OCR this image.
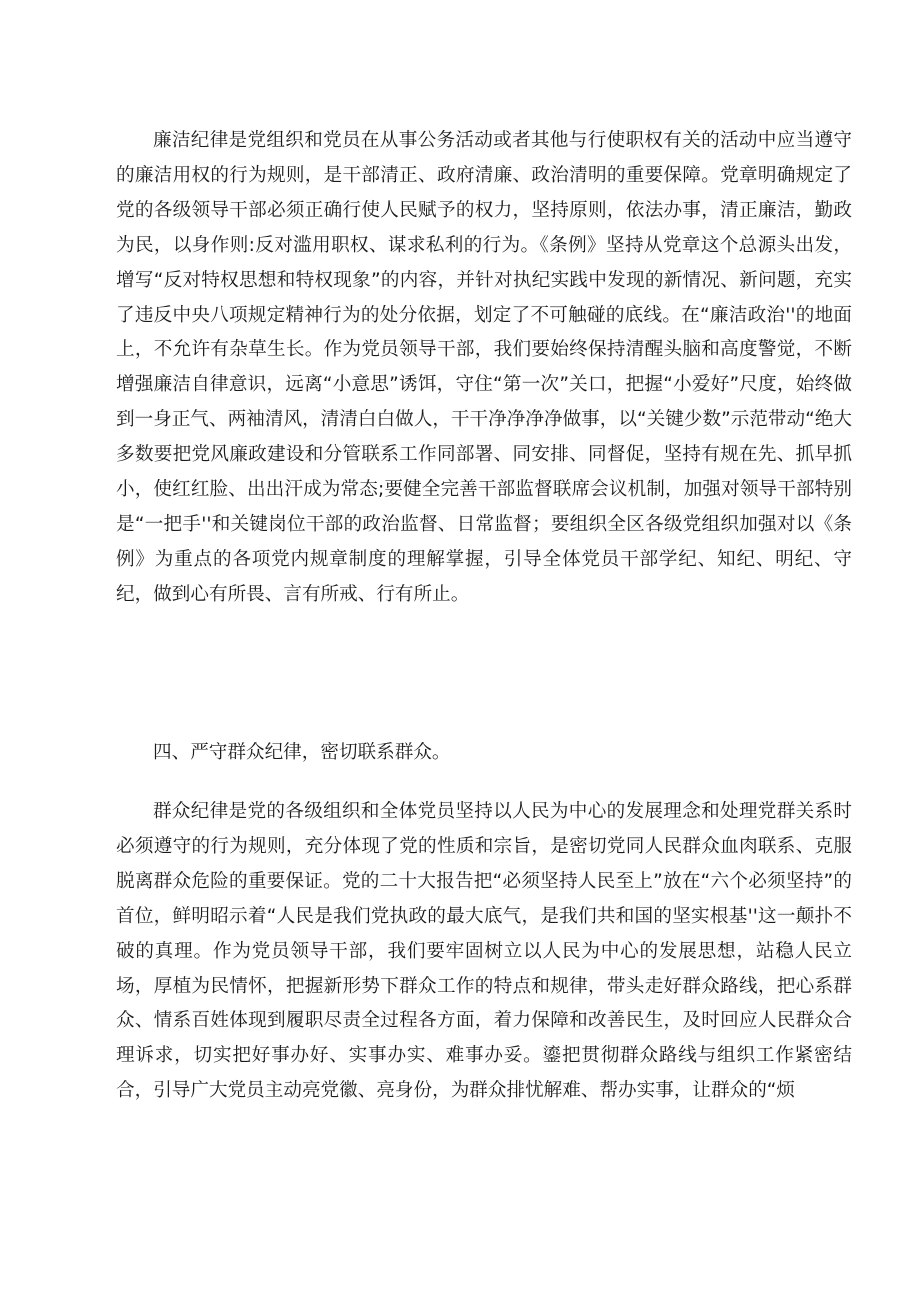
廉洁纪律是党组织和党员在从事公务活动或者其他与行使职权有关的活动中应当遵守的廉洁用权的行为规则，是干部清正、政府清廉、政治清明的重要保障。党章明确规定了党的各级领导干部必须正确行使人民赋予的权力，坚持原则，依法办事，清正廉洁，勤政为民，以身作则:反对滥用职权、谋求私利的行为。《条例》坚持从党章这个总源头出发，增写“反对特权思想和特权现象”的内容，并针对执纪实践中发现的新情况、新问题，充实了违反中央八项规定精神行为的处分依据，划定了不可触碰的底线。在“廉洁政治''的地面上，不允许有杂草生长。作为党员领导干部，我们要始终保持清醒头脑和高度警觉，不断增强廉洁自律意识，远离“小意思”诱饵，守住“第一次”关口，把握“小爱好”尺度，始终做到一身正气、两袖清风，清清白白做人，干干净净净净做事，以“关键少数”示范带动“绝大多数要把党风廉政建设和分管联系工作同部署、同安排、同督促，坚持有规在先、抓早抓小，使红红脸、出出汗成为常态;要健全完善干部监督联席会议机制，加强对领导干部特别是“一把手''和关键岗位干部的政治监督、日常监督；要组织全区各级党组织加强对以《条例》为重点的各项党内规章制度的理解掌握，引导全体党员干部学纪、知纪、明纪、守纪，做到心有所畏、言有所戒、行有所止。

四、严守群众纪律，密切联系群众。

群众纪律是党的各级组织和全体党员坚持以人民为中心的发展理念和处理党群关系时必须遵守的行为规则，充分体现了党的性质和宗旨，是密切党同人民群众血肉联系、克服脱离群众危险的重要保证。党的二十大报告把“必须坚持人民至上”放在“六个必须坚持”的首位，鲜明昭示着“人民是我们党执政的最大底气，是我们共和国的坚实根基''这一颠扑不破的真理。作为党员领导干部，我们要牢固树立以人民为中心的发展思想，站稳人民立场，厚植为民情怀，把握新形势下群众工作的特点和规律，带头走好群众路线，把心系群众、情系百姓体现到履职尽责全过程各方面，着力保障和改善民生，及时回应人民群众合理诉求，切实把好事办好、实事办实、难事办妥。鎏把贯彻群众路线与组织工作紧密结合，引导广大党员主动亮党徽、亮身份，为群众排忧解难、帮办实事，让群众的“烦
